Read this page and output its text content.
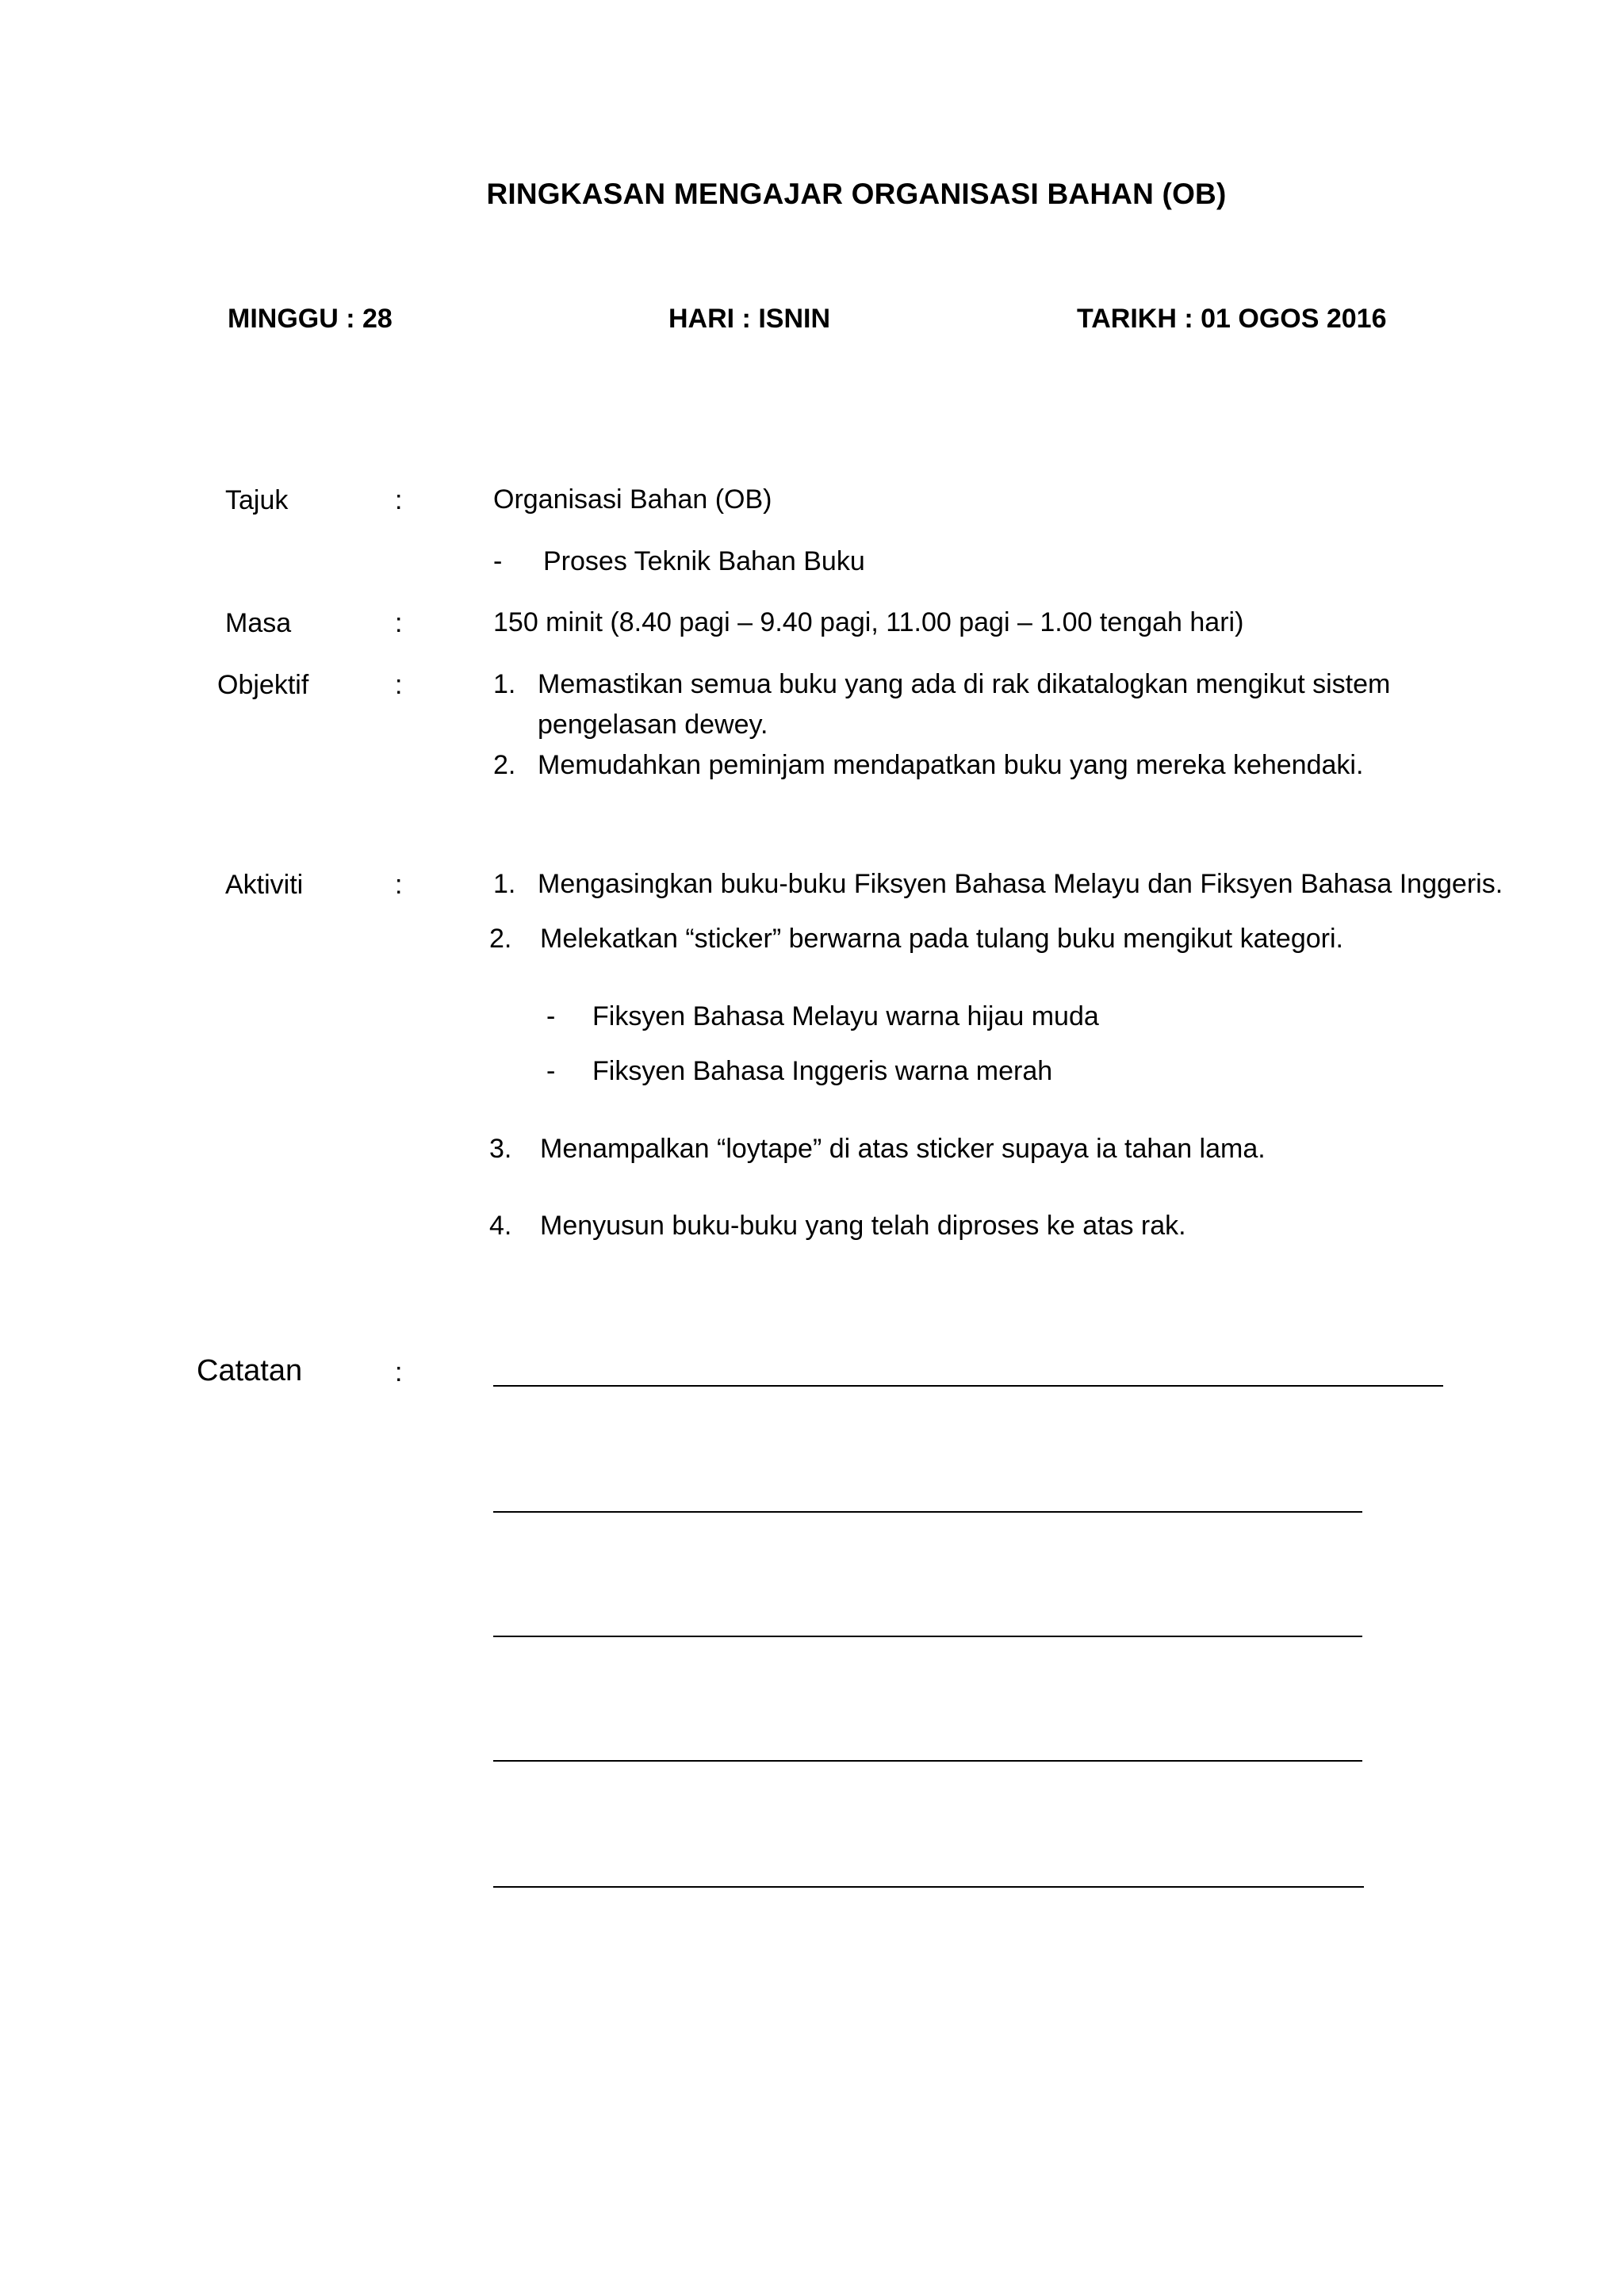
RINGKASAN MENGAJAR ORGANISASI BAHAN (OB)
MINGGU : 28	HARI : ISNIN	TARIKH : 01 OGOS 2016
Tajuk	:	Organisasi Bahan (OB)
- Proses Teknik Bahan Buku
Masa	:	150 minit (8.40 pagi – 9.40 pagi, 11.00 pagi – 1.00 tengah hari)
Objektif	:	1. Memastikan semua buku yang ada di rak dikatalogkan mengikut sistem
pengelasan dewey.
2. Memudahkan peminjam mendapatkan buku yang mereka kehendaki.
Aktiviti	:	1. Mengasingkan buku-buku Fiksyen Bahasa Melayu dan Fiksyen Bahasa Inggeris.
2. Melekatkan “sticker” berwarna pada tulang buku mengikut kategori.
- Fiksyen Bahasa Melayu warna hijau muda
- Fiksyen Bahasa Inggeris warna merah
3. Menampalkan “loytape” di atas sticker supaya ia tahan lama.
4. Menyusun buku-buku yang telah diproses ke atas rak.
Catatan	:
